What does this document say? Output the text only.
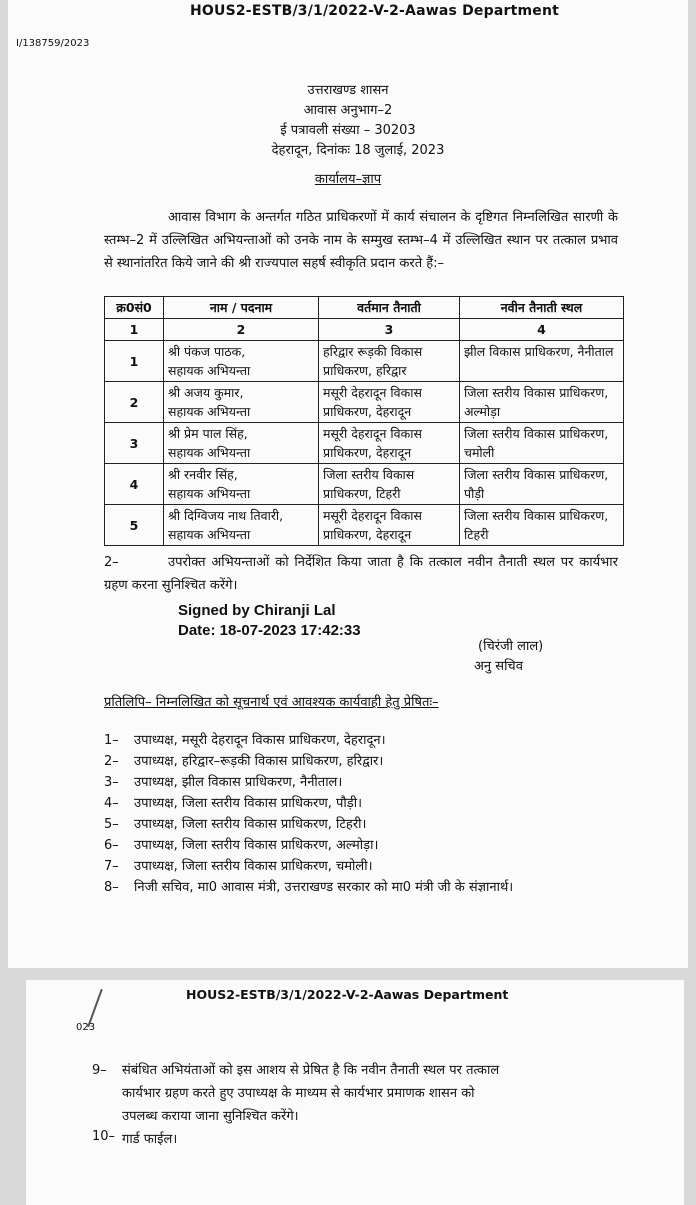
HOUS2-ESTB/3/1/2022-V-2-Aawas Department
I/138759/2023
उत्तराखण्ड शासन
आवास अनुभाग–2
ई पत्रावली संख्या – 30203
देहरादून, दिनांकः 18 जुलाई, 2023
कार्यालय–ज्ञाप
आवास विभाग के अन्तर्गत गठित प्राधिकरणों में कार्य संचालन के दृष्टिगत निम्नलिखित सारणी के स्तम्भ–2 में उल्लिखित अभियन्ताओं को उनके नाम के सम्मुख स्तम्भ–4 में उल्लिखित स्थान पर तत्काल प्रभाव से स्थानांतरित किये जाने की श्री राज्यपाल सहर्ष स्वीकृति प्रदान करते हैं:–
क्र0सं0	नाम / पदनाम	वर्तमान तैनाती	नवीन तैनाती स्थल
1	2	3	4
1	श्री पंकज पाठक,
सहायक अभियन्ता	हरिद्वार रूड़की विकास प्राधिकरण, हरिद्वार	झील विकास प्राधिकरण, नैनीताल
2	श्री अजय कुमार,
सहायक अभियन्ता	मसूरी देहरादून विकास प्राधिकरण, देहरादून	जिला स्तरीय विकास प्राधिकरण, अल्मोड़ा
3	श्री प्रेम पाल सिंह,
सहायक अभियन्ता	मसूरी देहरादून विकास प्राधिकरण, देहरादून	जिला स्तरीय विकास प्राधिकरण, चमोली
4	श्री रनवीर सिंह,
सहायक अभियन्ता	जिला स्तरीय विकास प्राधिकरण, टिहरी	जिला स्तरीय विकास प्राधिकरण, पौड़ी
5	श्री दिग्विजय नाथ तिवारी,
सहायक अभियन्ता	मसूरी देहरादून विकास प्राधिकरण, देहरादून	जिला स्तरीय विकास प्राधिकरण, टिहरी
2–	उपरोक्त अभियन्ताओं को निर्देशित किया जाता है कि तत्काल नवीन तैनाती स्थल पर कार्यभार ग्रहण करना सुनिश्चित करेंगे।
Signed by Chiranji Lal
Date: 18-07-2023 17:42:33
(चिरंजी लाल)
अनु सचिव
प्रतिलिपि– निम्नलिखित को सूचनार्थ एवं आवश्यक कार्यवाही हेतु प्रेषितः–
1– उपाध्यक्ष, मसूरी देहरादून विकास प्राधिकरण, देहरादून।
2– उपाध्यक्ष, हरिद्वार–रूड़की विकास प्राधिकरण, हरिद्वार।
3– उपाध्यक्ष, झील विकास प्राधिकरण, नैनीताल।
4– उपाध्यक्ष, जिला स्तरीय विकास प्राधिकरण, पौड़ी।
5– उपाध्यक्ष, जिला स्तरीय विकास प्राधिकरण, टिहरी।
6– उपाध्यक्ष, जिला स्तरीय विकास प्राधिकरण, अल्मोड़ा।
7– उपाध्यक्ष, जिला स्तरीय विकास प्राधिकरण, चमोली।
8– निजी सचिव, मा0 आवास मंत्री, उत्तराखण्ड सरकार को मा0 मंत्री जी के संज्ञानार्थ।
HOUS2-ESTB/3/1/2022-V-2-Aawas Department
023
9– संबंधित अभियंताओं को इस आशय से प्रेषित है कि नवीन तैनाती स्थल पर तत्काल
कार्यभार ग्रहण करते हुए उपाध्यक्ष के माध्यम से कार्यभार प्रमाणक शासन को
उपलब्ध कराया जाना सुनिश्चित करेंगे।
10– गार्ड फाईल।
